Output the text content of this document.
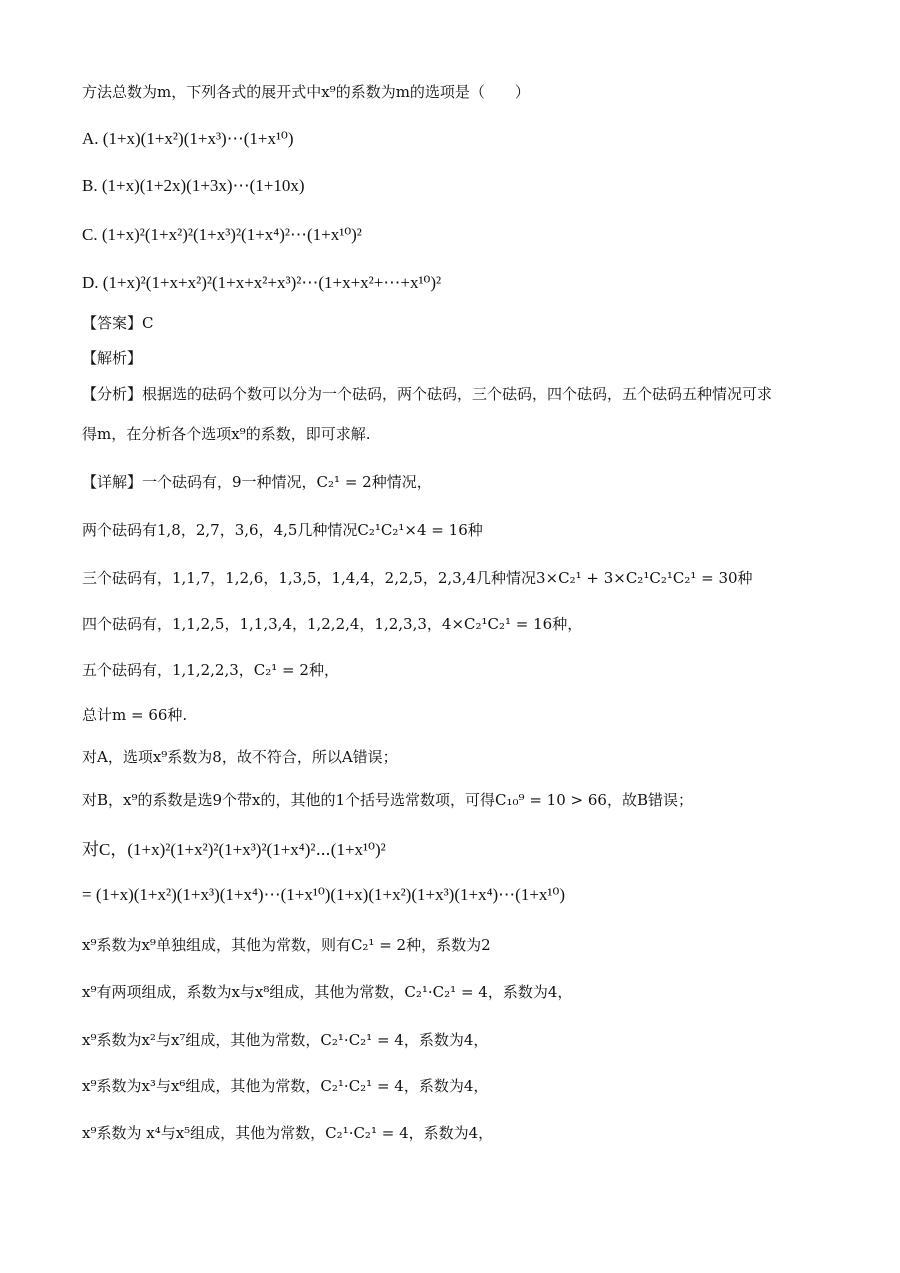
方法总数为m，下列各式的展开式中x⁹的系数为m的选项是（　　）
A. (1+x)(1+x²)(1+x³)⋯(1+x¹⁰)
B. (1+x)(1+2x)(1+3x)⋯(1+10x)
C. (1+x)²(1+x²)²(1+x³)²(1+x⁴)²⋯(1+x¹⁰)²
D. (1+x)²(1+x+x²)²(1+x+x²+x³)²⋯(1+x+x²+⋯+x¹⁰)²
【答案】C
【解析】
【分析】根据选的砝码个数可以分为一个砝码，两个砝码，三个砝码，四个砝码，五个砝码五种情况可求
得m，在分析各个选项x⁹的系数，即可求解.
【详解】一个砝码有，9一种情况，C₂¹ = 2种情况，
两个砝码有1,8，2,7，3,6，4,5几种情况C₂¹C₂¹×4 = 16种
三个砝码有，1,1,7，1,2,6，1,3,5，1,4,4，2,2,5，2,3,4几种情况3×C₂¹ + 3×C₂¹C₂¹C₂¹ = 30种
四个砝码有，1,1,2,5，1,1,3,4，1,2,2,4，1,2,3,3，4×C₂¹C₂¹ = 16种，
五个砝码有，1,1,2,2,3，C₂¹ = 2种，
总计m = 66种.
对A，选项x⁹系数为8，故不符合，所以A错误；
对B，x⁹的系数是选9个带x的，其他的1个括号选常数项，可得C₁₀⁹ = 10 > 66，故B错误；
对C，(1+x)²(1+x²)²(1+x³)²(1+x⁴)²⋯(1+x¹⁰)²
= (1+x)(1+x²)(1+x³)(1+x⁴)⋯(1+x¹⁰)(1+x)(1+x²)(1+x³)(1+x⁴)⋯(1+x¹⁰)
x⁹系数为x⁹单独组成，其他为常数，则有C₂¹ = 2种，系数为2
x⁹有两项组成，系数为x与x⁸组成，其他为常数，C₂¹·C₂¹ = 4，系数为4，
x⁹系数为x²与x⁷组成，其他为常数，C₂¹·C₂¹ = 4，系数为4，
x⁹系数为x³与x⁶组成，其他为常数，C₂¹·C₂¹ = 4，系数为4，
x⁹系数为 x⁴与x⁵组成，其他为常数，C₂¹·C₂¹ = 4，系数为4，
